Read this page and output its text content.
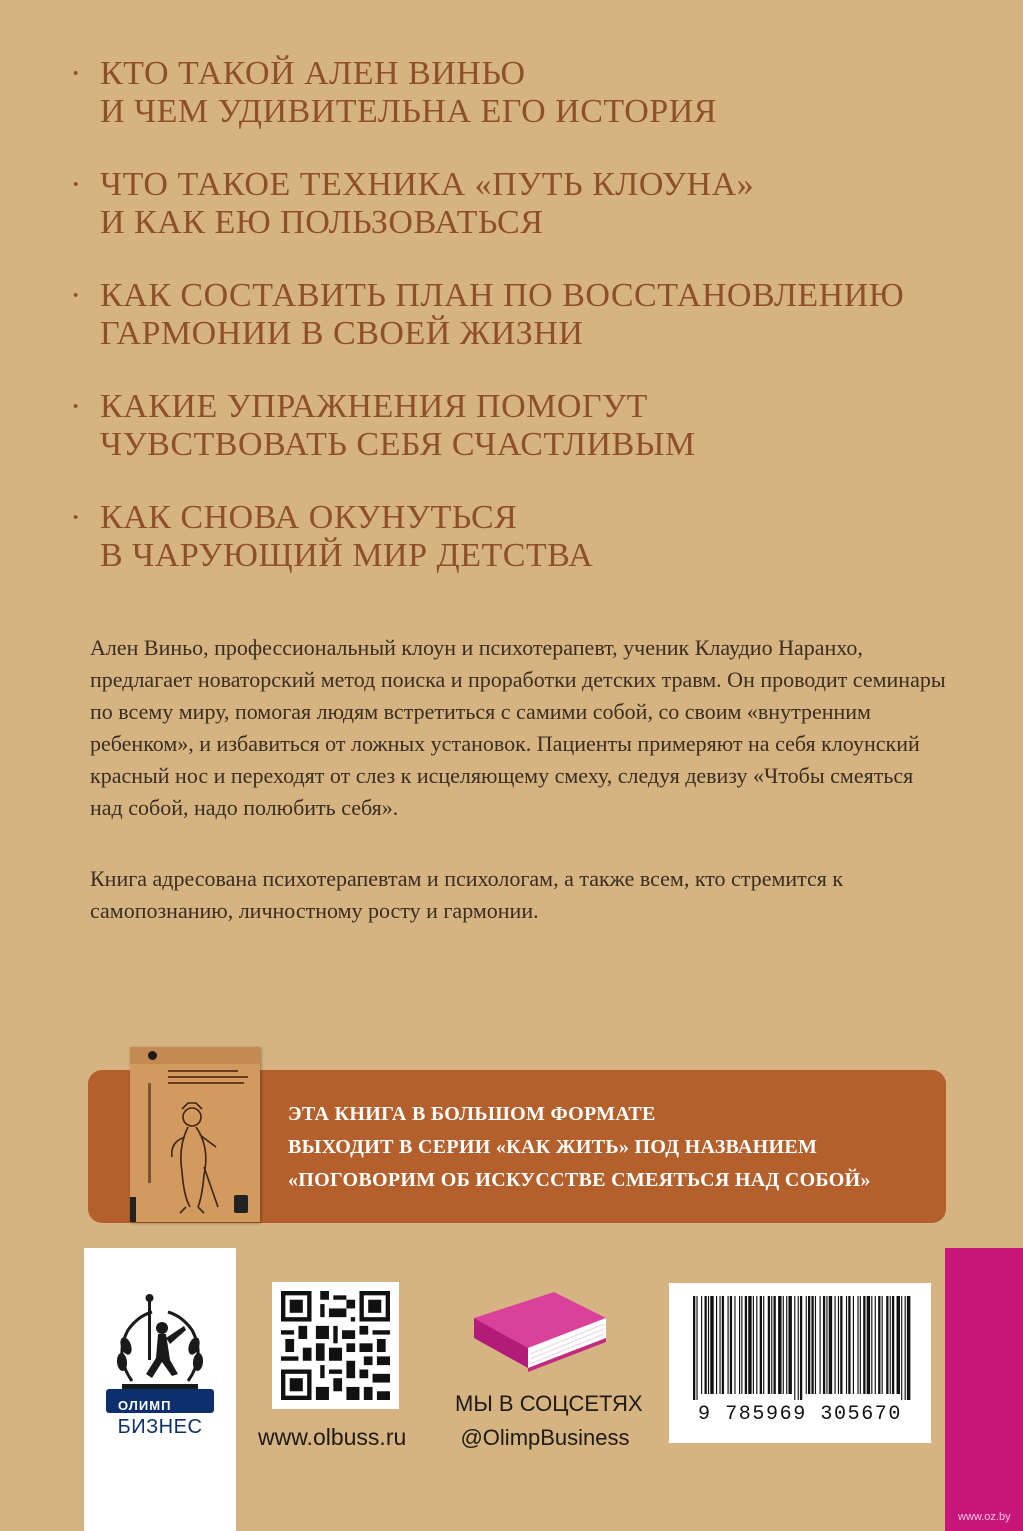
· КТО ТАКОЙ АЛЕН ВИНЬО
И ЧЕМ УДИВИТЕЛЬНА ЕГО ИСТОРИЯ
· ЧТО ТАКОЕ ТЕХНИКА «ПУТЬ КЛОУНА»
И КАК ЕЮ ПОЛЬЗОВАТЬСЯ
· КАК СОСТАВИТЬ ПЛАН ПО ВОССТАНОВЛЕНИЮ
ГАРМОНИИ В СВОЕЙ ЖИЗНИ
· КАКИЕ УПРАЖНЕНИЯ ПОМОГУТ
ЧУВСТВОВАТЬ СЕБЯ СЧАСТЛИВЫМ
· КАК СНОВА ОКУНУТЬСЯ
В ЧАРУЮЩИЙ МИР ДЕТСТВА

Ален Виньо, профессиональный клоун и психотерапевт, ученик Клаудио Наранхо, предлагает новаторский метод поиска и проработки детских травм. Он проводит семинары по всему миру, помогая людям встретиться с самими собой, со своим «внутренним ребенком», и избавиться от ложных установок. Пациенты примеряют на себя клоунский красный нос и переходят от слез к исцеляющему смеху, следуя девизу «Чтобы смеяться над собой, надо полюбить себя».

Книга адресована психотерапевтам и психологам, а также всем, кто стремится к самопознанию, личностному росту и гармонии.

ЭТА КНИГА В БОЛЬШОМ ФОРМАТЕ
ВЫХОДИТ В СЕРИИ «КАК ЖИТЬ» ПОД НАЗВАНИЕМ
«ПОГОВОРИМ ОБ ИСКУССТВЕ СМЕЯТЬСЯ НАД СОБОЙ»
ОЛИМП
БИЗНЕС	www.olbuss.ru
МЫ В СОЦСЕТЯХ
@OlimpBusiness
9 785969 305670
www.oz.by
